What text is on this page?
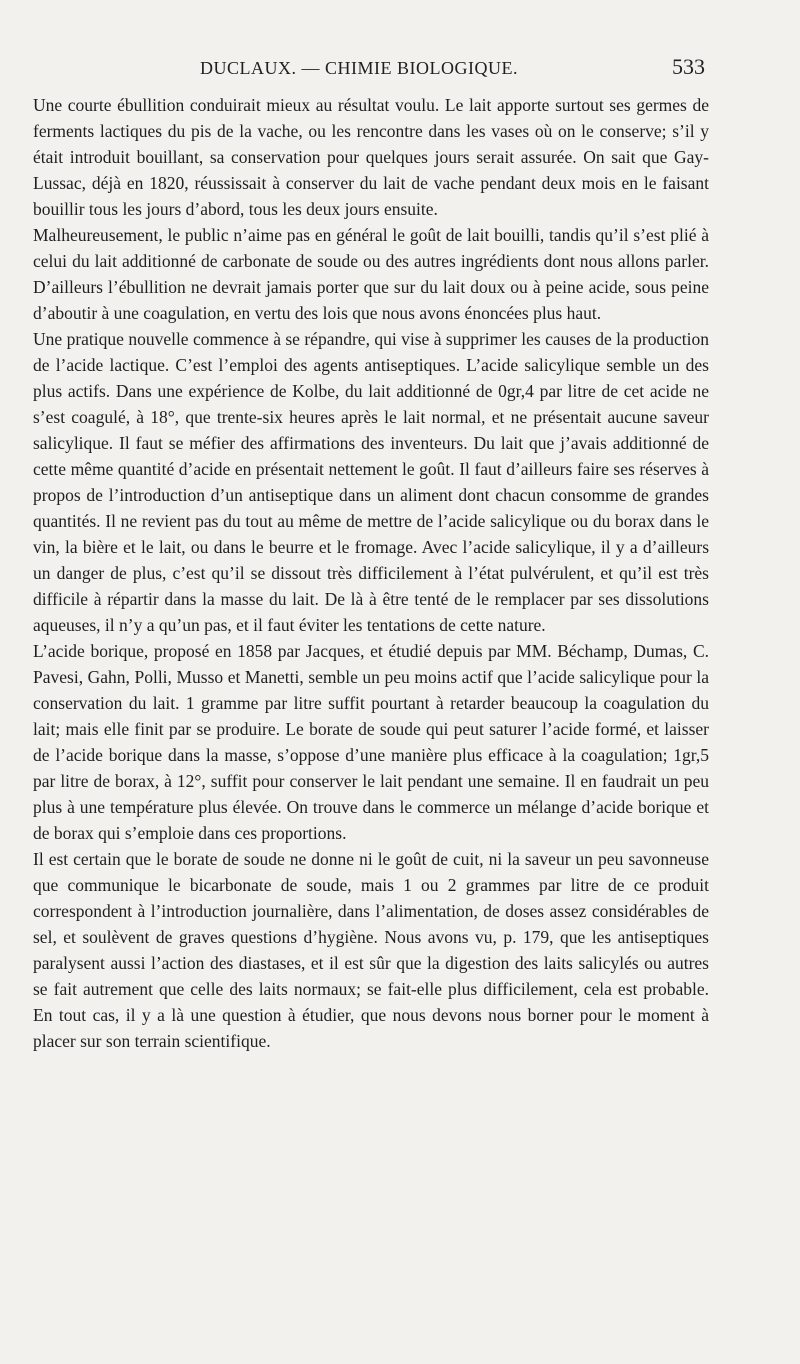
DUCLAUX. — CHIMIE BIOLOGIQUE.	533

Une courte ébullition conduirait mieux au résultat voulu. Le lait apporte surtout ses germes de ferments lactiques du pis de la vache, ou les rencontre dans les vases où on le conserve; s’il y était introduit bouillant, sa conservation pour quelques jours serait assurée. On sait que Gay-Lussac, déjà en 1820, réussissait à conserver du lait de vache pendant deux mois en le faisant bouillir tous les jours d’abord, tous les deux jours ensuite.

Malheureusement, le public n’aime pas en général le goût de lait bouilli, tandis qu’il s’est plié à celui du lait additionné de carbonate de soude ou des autres ingrédients dont nous allons parler. D’ailleurs l’ébullition ne devrait jamais porter que sur du lait doux ou à peine acide, sous peine d’aboutir à une coagulation, en vertu des lois que nous avons énoncées plus haut.

Une pratique nouvelle commence à se répandre, qui vise à supprimer les causes de la production de l’acide lactique. C’est l’emploi des agents antiseptiques. L’acide salicylique semble un des plus actifs. Dans une expérience de Kolbe, du lait additionné de 0gr,4 par litre de cet acide ne s’est coagulé, à 18°, que trente-six heures après le lait normal, et ne présentait aucune saveur salicylique. Il faut se méfier des affirmations des inventeurs. Du lait que j’avais additionné de cette même quantité d’acide en présentait nettement le goût. Il faut d’ailleurs faire ses réserves à propos de l’introduction d’un antiseptique dans un aliment dont chacun consomme de grandes quantités. Il ne revient pas du tout au même de mettre de l’acide salicylique ou du borax dans le vin, la bière et le lait, ou dans le beurre et le fromage. Avec l’acide salicylique, il y a d’ailleurs un danger de plus, c’est qu’il se dissout très difficilement à l’état pulvérulent, et qu’il est très difficile à répartir dans la masse du lait. De là à être tenté de le remplacer par ses dissolutions aqueuses, il n’y a qu’un pas, et il faut éviter les tentations de cette nature.

L’acide borique, proposé en 1858 par Jacques, et étudié depuis par MM. Béchamp, Dumas, C. Pavesi, Gahn, Polli, Musso et Manetti, semble un peu moins actif que l’acide salicylique pour la conservation du lait. 1 gramme par litre suffit pourtant à retarder beaucoup la coagulation du lait; mais elle finit par se produire. Le borate de soude qui peut saturer l’acide formé, et laisser de l’acide borique dans la masse, s’oppose d’une manière plus efficace à la coagulation; 1gr,5 par litre de borax, à 12°, suffit pour conserver le lait pendant une semaine. Il en faudrait un peu plus à une température plus élevée. On trouve dans le commerce un mélange d’acide borique et de borax qui s’emploie dans ces proportions.

Il est certain que le borate de soude ne donne ni le goût de cuit, ni la saveur un peu savonneuse que communique le bicarbonate de soude, mais 1 ou 2 grammes par litre de ce produit correspondent à l’introduction journalière, dans l’alimentation, de doses assez considérables de sel, et soulèvent de graves questions d’hygiène. Nous avons vu, p. 179, que les antiseptiques paralysent aussi l’action des diastases, et il est sûr que la digestion des laits salicylés ou autres se fait autrement que celle des laits normaux; se fait-elle plus difficilement, cela est probable. En tout cas, il y a là une question à étudier, que nous devons nous borner pour le moment à placer sur son terrain scientifique.
